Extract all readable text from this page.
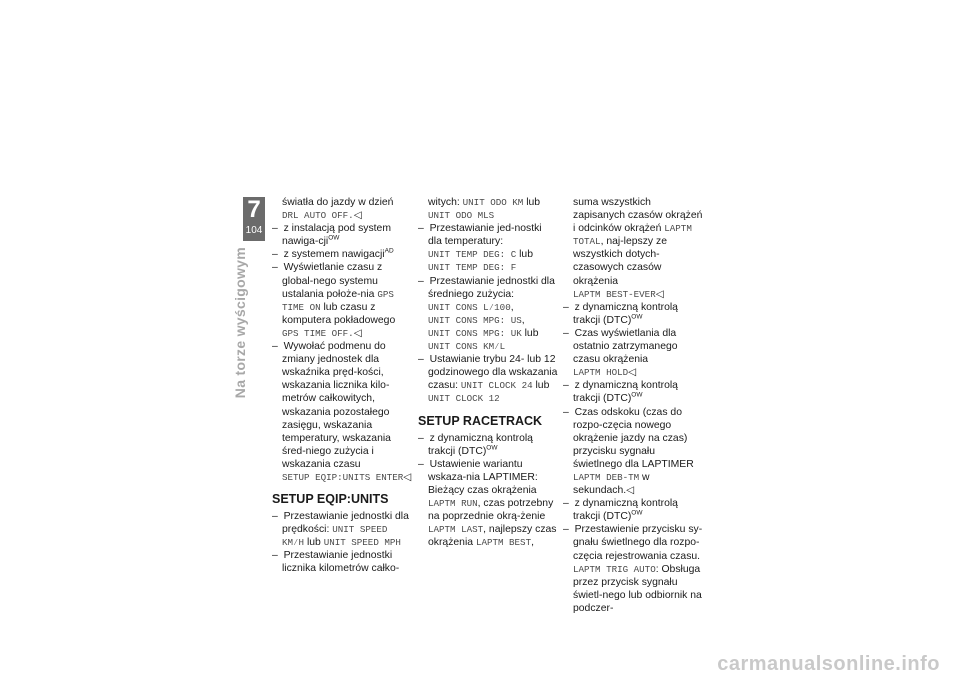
7
104
Na torze wyścigowym

światła do jazdy w dzień
DRL AUTO OFF.◁

–  z instalacją pod system nawiga-cji$^{OW}$

–  z systemem nawigacji$^{AD}$

–  Wyświetlanie czasu z global-nego systemu ustalania położe-nia GPS TIME ON lub czasu z komputera pokładowego
GPS TIME OFF.◁

–  Wywołać podmenu do zmiany jednostek dla wskaźnika pręd-kości, wskazania licznika kilo-metrów całkowitych, wskazania pozostałego zasięgu, wskazania temperatury, wskazania śred-niego zużycia i wskazania czasu
SETUP EQIP:UNITS ENTER◁

SETUP EQIP:UNITS

–  Przestawianie jednostki dla prędkości: UNIT SPEED KM⁄H lub UNIT SPEED MPH

–  Przestawianie jednostki licznika kilometrów całko-

witych: UNIT ODO KM lub
UNIT ODO MLS

–  Przestawianie jed-nostki dla temperatury:
UNIT TEMP DEG: C lub
UNIT TEMP DEG: F

–  Przestawianie jednostki dla średniego zużycia:
UNIT CONS L⁄100,
UNIT CONS MPG: US,
UNIT CONS MPG: UK lub
UNIT CONS KM⁄L

–  Ustawianie trybu 24- lub 12 godzinowego dla wskazania czasu: UNIT CLOCK 24 lub
UNIT CLOCK 12

SETUP RACETRACK

–  z dynamiczną kontrolą trakcji (DTC)$^{OW}$

–  Ustawienie wariantu wskaza-nia LAPTIMER: Bieżący czas okrążenia LAPTM RUN, czas potrzebny na poprzednie okrą-żenie LAPTM LAST, najlepszy czas okrążenia LAPTM BEST,

suma wszystkich zapisanych czasów okrążeń i odcinków okrążeń LAPTM TOTAL, naj-lepszy ze wszystkich dotych-czasowych czasów okrążenia
LAPTM BEST-EVER◁

–  z dynamiczną kontrolą trakcji (DTC)$^{OW}$

–  Czas wyświetlania dla ostatnio zatrzymanego czasu okrążenia
LAPTM HOLD◁

–  z dynamiczną kontrolą trakcji (DTC)$^{OW}$

–  Czas odskoku (czas do rozpo-częcia nowego okrążenie jazdy na czas) przycisku sygnału świetlnego dla LAPTIMER
LAPTM DEB-TM w sekundach.◁

–  z dynamiczną kontrolą trakcji (DTC)$^{OW}$

–  Przestawienie przycisku sy-gnału świetlnego dla rozpo-częcia rejestrowania czasu.
LAPTM TRIG AUTO: Obsługa przez przycisk sygnału świetl-nego lub odbiornik na podczer-

carmanualsonline.info
